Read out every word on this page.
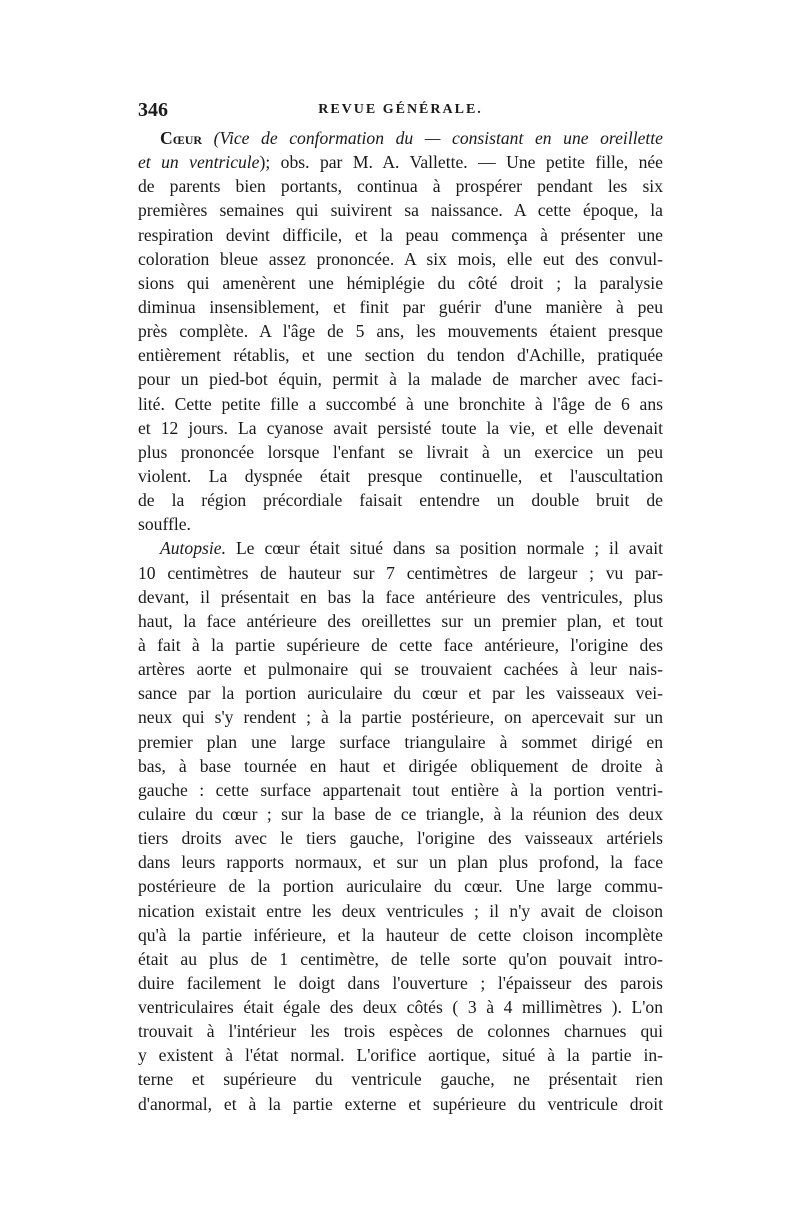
346	REVUE GÉNÉRALE.
Cœur (Vice de conformation du — consistant en une oreillette
et un ventricule); obs. par M. A. Vallette. — Une petite fille, née
de parents bien portants, continua à prospérer pendant les six
premières semaines qui suivirent sa naissance. A cette époque, la
respiration devint difficile, et la peau commença à présenter une
coloration bleue assez prononcée. A six mois, elle eut des convul-
sions qui amenèrent une hémiplégie du côté droit ; la paralysie
diminua insensiblement, et finit par guérir d'une manière à peu
près complète. A l'âge de 5 ans, les mouvements étaient presque
entièrement rétablis, et une section du tendon d'Achille, pratiquée
pour un pied-bot équin, permit à la malade de marcher avec faci-
lité. Cette petite fille a succombé à une bronchite à l'âge de 6 ans
et 12 jours. La cyanose avait persisté toute la vie, et elle devenait
plus prononcée lorsque l'enfant se livrait à un exercice un peu
violent. La dyspnée était presque continuelle, et l'auscultation
de la région précordiale faisait entendre un double bruit de
souffle.
Autopsie. Le cœur était situé dans sa position normale ; il avait
10 centimètres de hauteur sur 7 centimètres de largeur ; vu par-
devant, il présentait en bas la face antérieure des ventricules, plus
haut, la face antérieure des oreillettes sur un premier plan, et tout
à fait à la partie supérieure de cette face antérieure, l'origine des
artères aorte et pulmonaire qui se trouvaient cachées à leur nais-
sance par la portion auriculaire du cœur et par les vaisseaux vei-
neux qui s'y rendent ; à la partie postérieure, on apercevait sur un
premier plan une large surface triangulaire à sommet dirigé en
bas, à base tournée en haut et dirigée obliquement de droite à
gauche : cette surface appartenait tout entière à la portion ventri-
culaire du cœur ; sur la base de ce triangle, à la réunion des deux
tiers droits avec le tiers gauche, l'origine des vaisseaux artériels
dans leurs rapports normaux, et sur un plan plus profond, la face
postérieure de la portion auriculaire du cœur. Une large commu-
nication existait entre les deux ventricules ; il n'y avait de cloison
qu'à la partie inférieure, et la hauteur de cette cloison incomplète
était au plus de 1 centimètre, de telle sorte qu'on pouvait intro-
duire facilement le doigt dans l'ouverture ; l'épaisseur des parois
ventriculaires était égale des deux côtés ( 3 à 4 millimètres ). L'on
trouvait à l'intérieur les trois espèces de colonnes charnues qui
y existent à l'état normal. L'orifice aortique, situé à la partie in-
terne et supérieure du ventricule gauche, ne présentait rien
d'anormal, et à la partie externe et supérieure du ventricule droit
